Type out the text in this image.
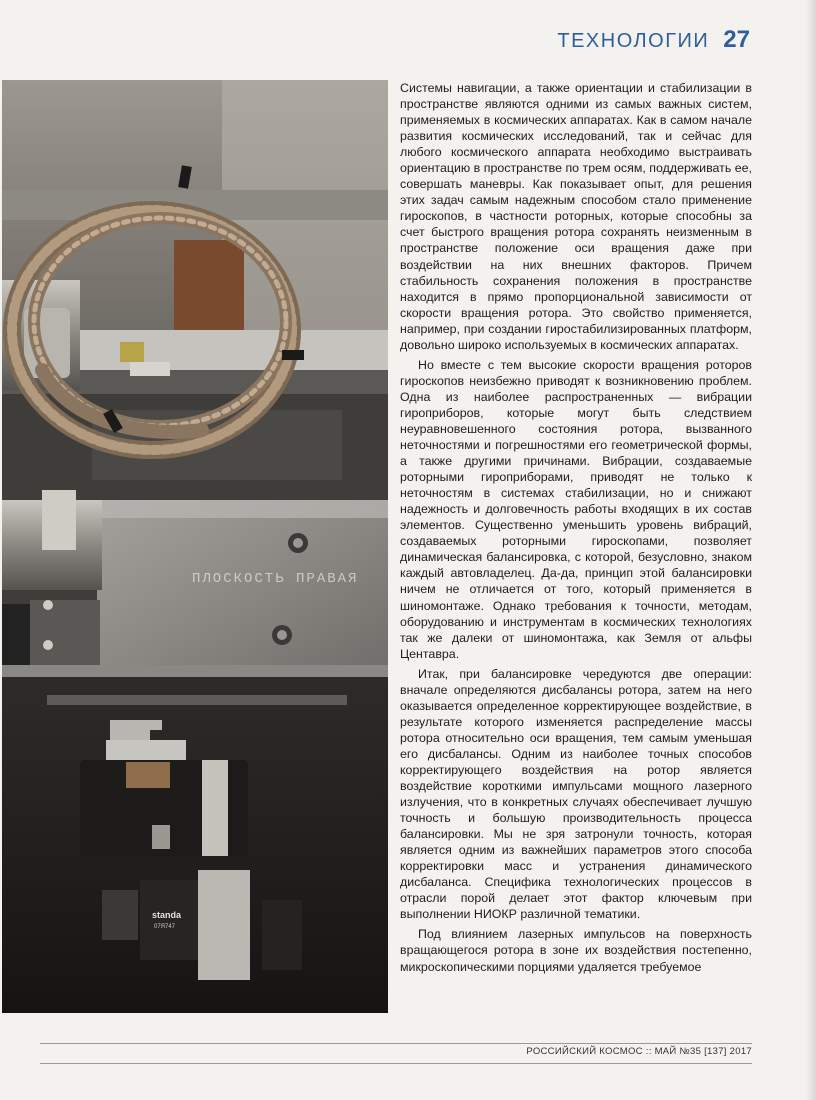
ТЕХНОЛОГИИ 27
ПЛОСКОСТЬ ПРАВАЯ
standa
07Я747

Системы навигации, а также ориентации и стабилизации в пространстве являются одними из самых важных систем, применяемых в космических аппаратах. Как в самом начале развития космических исследований, так и сейчас для любого космического аппарата необходимо выстраивать ориентацию в пространстве по трем осям, поддерживать ее, совершать маневры. Как показывает опыт, для решения этих задач самым надежным способом стало применение гироскопов, в частности роторных, которые способны за счет быстрого вращения ротора сохранять неизменным в пространстве положение оси вращения даже при воздействии на них внешних факторов. Причем стабильность сохранения положения в пространстве находится в прямо пропорциональной зависимости от скорости вращения ротора. Это свойство применяется, например, при создании гиростабилизированных платформ, довольно широко используемых в космических аппаратах.

Но вместе с тем высокие скорости вращения роторов гироскопов неизбежно приводят к возникновению проблем. Одна из наиболее распространенных — вибрации гироприборов, которые могут быть следствием неуравновешенного состояния ротора, вызванного неточностями и погрешностями его геометрической формы, а также другими причинами. Вибрации, создаваемые роторными гироприборами, приводят не только к неточностям в системах стабилизации, но и снижают надежность и долговечность работы входящих в их состав элементов. Существенно уменьшить уровень вибраций, создаваемых роторными гироскопами, позволяет динамическая балансировка, с которой, безусловно, знаком каждый автовладелец. Да-да, принцип этой балансировки ничем не отличается от того, который применяется в шиномонтаже. Однако требования к точности, методам, оборудованию и инструментам в космических технологиях так же далеки от шиномонтажа, как Земля от альфы Центавра.

Итак, при балансировке чередуются две операции: вначале определяются дисбалансы ротора, затем на него оказывается определенное корректирующее воздействие, в результате которого изменяется распределение массы ротора относительно оси вращения, тем самым уменьшая его дисбалансы. Одним из наиболее точных способов корректирующего воздействия на ротор является воздействие короткими импульсами мощного лазерного излучения, что в конкретных случаях обеспечивает лучшую точность и большую производительность процесса балансировки. Мы не зря затронули точность, которая является одним из важнейших параметров этого способа корректировки масс и устранения динамического дисбаланса. Специфика технологических процессов в отрасли порой делает этот фактор ключевым при выполнении НИОКР различной тематики.

Под влиянием лазерных импульсов на поверхность вращающегося ротора в зоне их воздействия постепенно, микроскопическими порциями удаляется требуемое

РОССИЙСКИЙ КОСМОС :: МАЙ №35 [137] 2017
